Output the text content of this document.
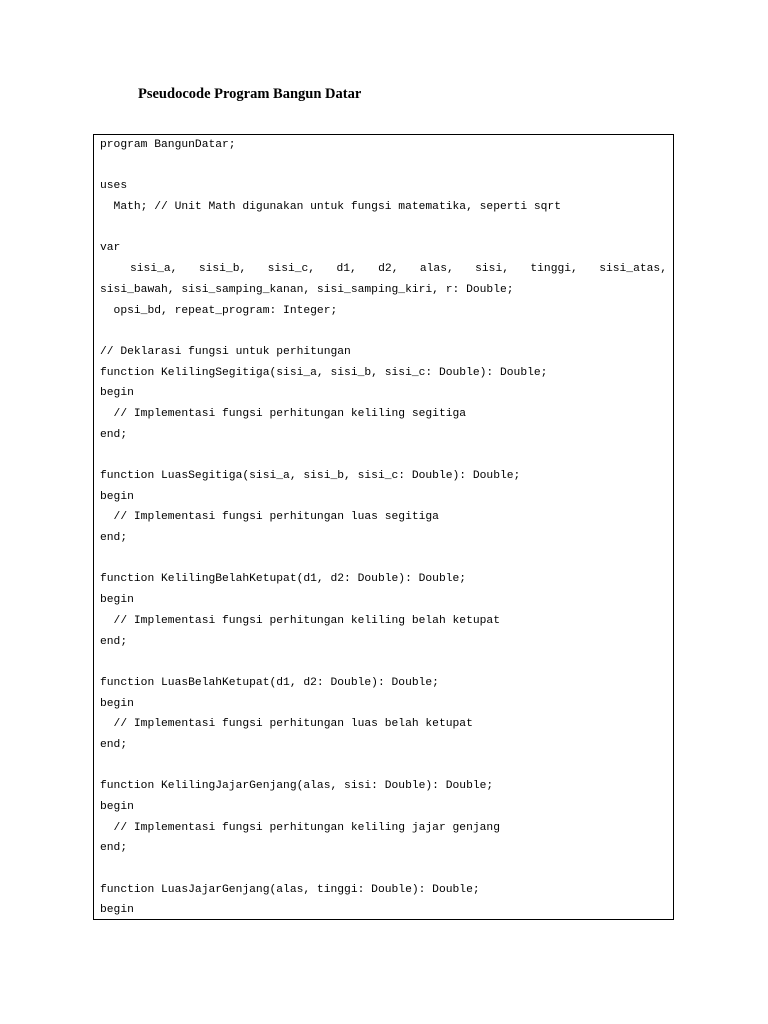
Pseudocode Program Bangun Datar
program BangunDatar;
uses
Math; // Unit Math digunakan untuk fungsi matematika, seperti sqrt
var
sisi_a, sisi_b, sisi_c, d1, d2, alas, sisi, tinggi, sisi_atas,
sisi_bawah, sisi_samping_kanan, sisi_samping_kiri, r: Double;
opsi_bd, repeat_program: Integer;
// Deklarasi fungsi untuk perhitungan
function KelilingSegitiga(sisi_a, sisi_b, sisi_c: Double): Double;
begin
// Implementasi fungsi perhitungan keliling segitiga
end;
function LuasSegitiga(sisi_a, sisi_b, sisi_c: Double): Double;
begin
// Implementasi fungsi perhitungan luas segitiga
end;
function KelilingBelahKetupat(d1, d2: Double): Double;
begin
// Implementasi fungsi perhitungan keliling belah ketupat
end;
function LuasBelahKetupat(d1, d2: Double): Double;
begin
// Implementasi fungsi perhitungan luas belah ketupat
end;
function KelilingJajarGenjang(alas, sisi: Double): Double;
begin
// Implementasi fungsi perhitungan keliling jajar genjang
end;
function LuasJajarGenjang(alas, tinggi: Double): Double;
begin
